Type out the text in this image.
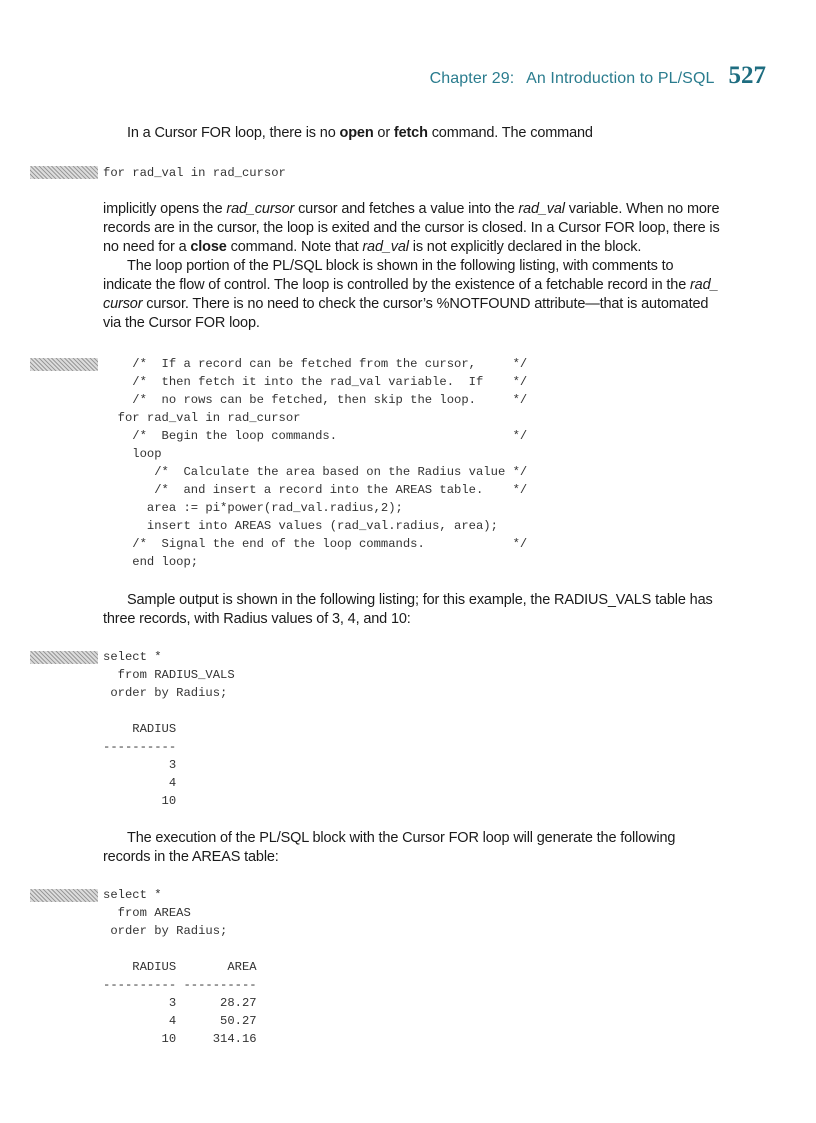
Chapter 29:  An Introduction to PL/SQL 527

In a Cursor FOR loop, there is no open or fetch command. The command

for rad_val in rad_cursor

implicitly opens the rad_cursor cursor and fetches a value into the rad_val variable. When no more records are in the cursor, the loop is exited and the cursor is closed. In a Cursor FOR loop, there is no need for a close command. Note that rad_val is not explicitly declared in the block.

The loop portion of the PL/SQL block is shown in the following listing, with comments to indicate the flow of control. The loop is controlled by the existence of a fetchable record in the rad_ cursor cursor. There is no need to check the cursor’s %NOTFOUND attribute—that is automated via the Cursor FOR loop.

/*  If a record can be fetched from the cursor,     */
/*  then fetch it into the rad_val variable.  If    */
/*  no rows can be fetched, then skip the loop.     */
for rad_val in rad_cursor
/*  Begin the loop commands.                        */
loop
/*  Calculate the area based on the Radius value */
/*  and insert a record into the AREAS table.    */
area := pi*power(rad_val.radius,2);
insert into AREAS values (rad_val.radius, area);
/*  Signal the end of the loop commands.            */
end loop;

Sample output is shown in the following listing; for this example, the RADIUS_VALS table has three records, with Radius values of 3, 4, and 10:

select *
from RADIUS_VALS
order by Radius;
RADIUS
----------
3
4
10

The execution of the PL/SQL block with the Cursor FOR loop will generate the following records in the AREAS table:

select *
from AREAS
order by Radius;
RADIUS       AREA
---------- ----------
3      28.27
4      50.27
10     314.16
